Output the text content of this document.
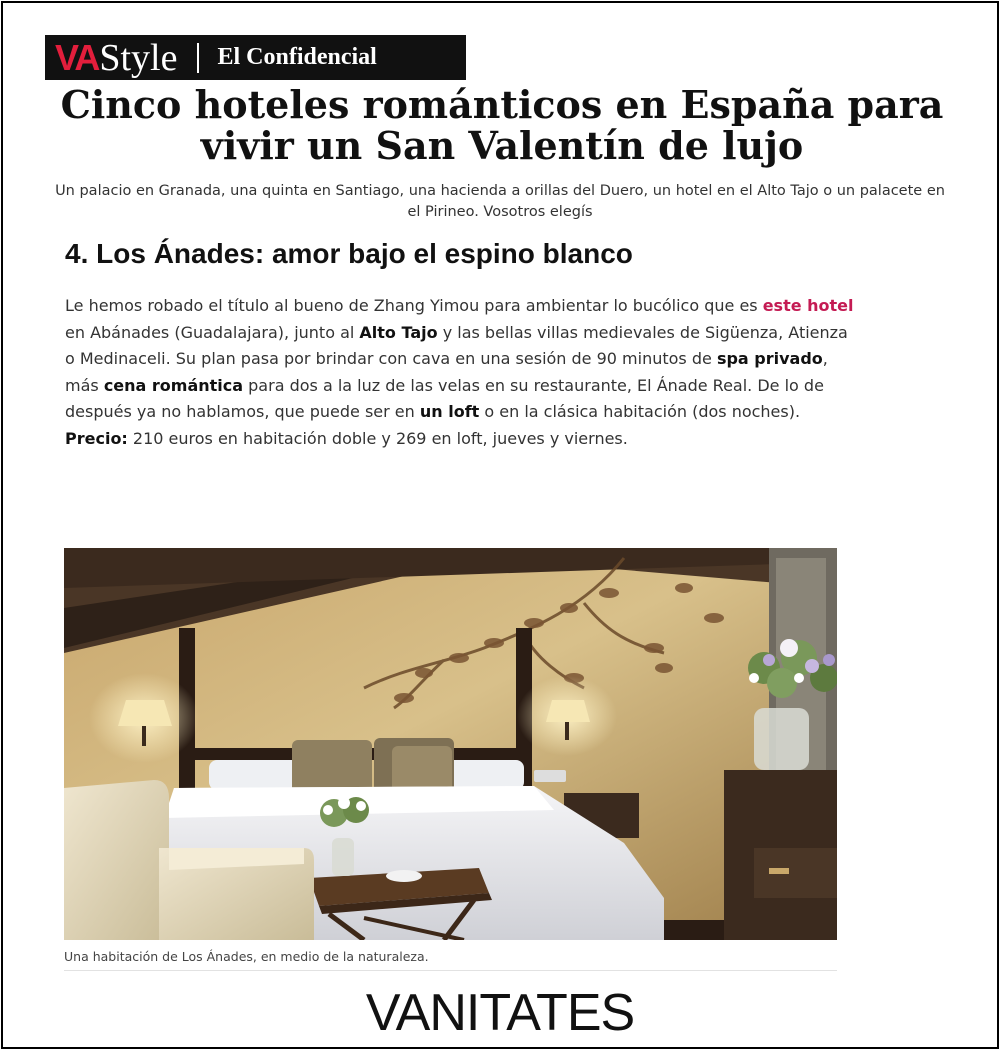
VA Style El Confidencial
Cinco hoteles románticos en España para vivir un San Valentín de lujo

Un palacio en Granada, una quinta en Santiago, una hacienda a orillas del Duero, un hotel en el Alto Tajo o un palacete en el Pirineo. Vosotros elegís

4. Los Ánades: amor bajo el espino blanco

Le hemos robado el título al bueno de Zhang Yimou para ambientar lo bucólico que es este hotel en Abánades (Guadalajara), junto al Alto Tajo y las bellas villas medievales de Sigüenza, Atienza o Medinaceli. Su plan pasa por brindar con cava en una sesión de 90 minutos de spa privado, más cena romántica para dos a la luz de las velas en su restaurante, El Ánade Real. De lo de después ya no hablamos, que puede ser en un loft o en la clásica habitación (dos noches). Precio: 210 euros en habitación doble y 269 en loft, jueves y viernes.

Una habitación de Los Ánades, en medio de la naturaleza.

VANITATES
